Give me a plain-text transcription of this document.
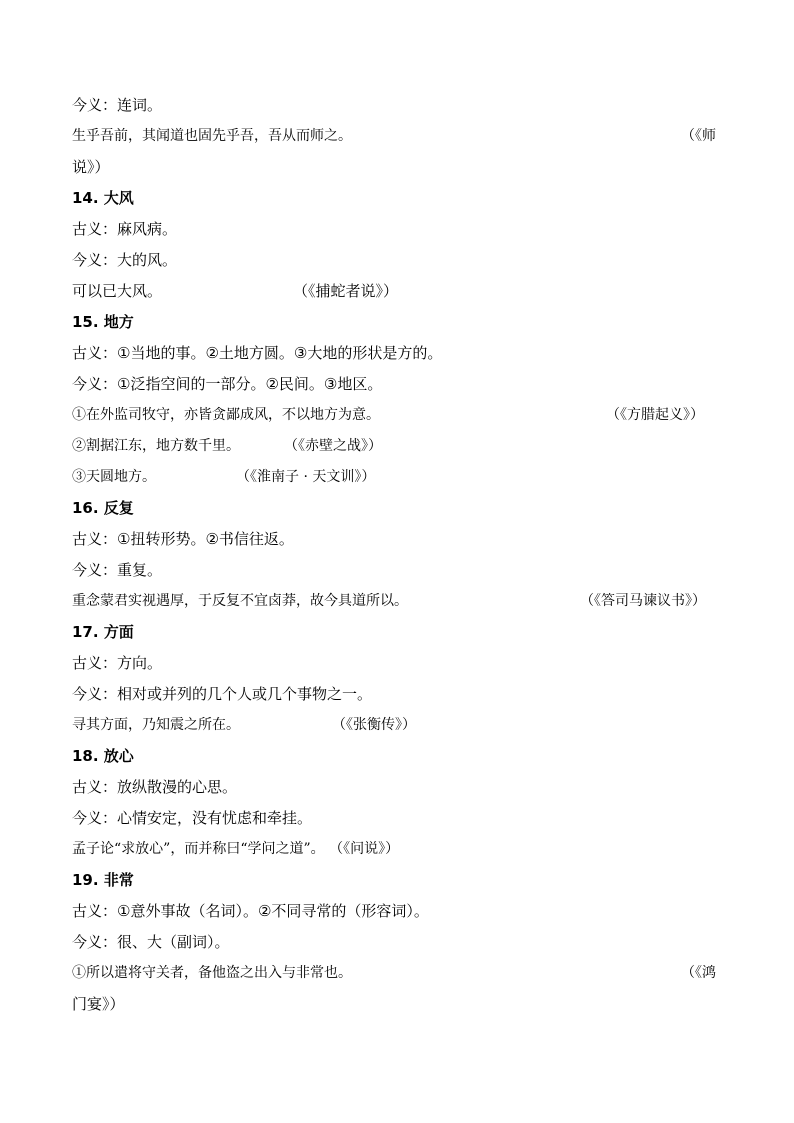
今义：连词。
生乎吾前，其闻道也固先乎吾，吾从而师之。	（《师
说》）
14. 大风
古义：麻风病。
今义：大的风。
可以已大风。	（《捕蛇者说》）
15. 地方
古义：①当地的事。②土地方圆。③大地的形状是方的。
今义：①泛指空间的一部分。②民间。③地区。
①在外监司牧守，亦皆贪鄙成风，不以地方为意。	（《方腊起义》）
②割据江东，地方数千里。	（《赤壁之战》）
③天圆地方。	（《淮南子 · 天文训》）
16. 反复
古义：①扭转形势。②书信往返。
今义：重复。
重念蒙君实视遇厚，于反复不宜卤莽，故今具道所以。	（《答司马谏议书》）
17. 方面
古义：方向。
今义：相对或并列的几个人或几个事物之一。
寻其方面，乃知震之所在。	（《张衡传》）
18. 放心
古义：放纵散漫的心思。
今义：心情安定，没有忧虑和牵挂。
孟子论“求放心”，而并称曰“学问之道”。 （《问说》）
19. 非常
古义：①意外事故（名词）。②不同寻常的（形容词）。
今义：很、大（副词）。
①所以遣将守关者，备他盗之出入与非常也。	（《鸿
门宴》）
